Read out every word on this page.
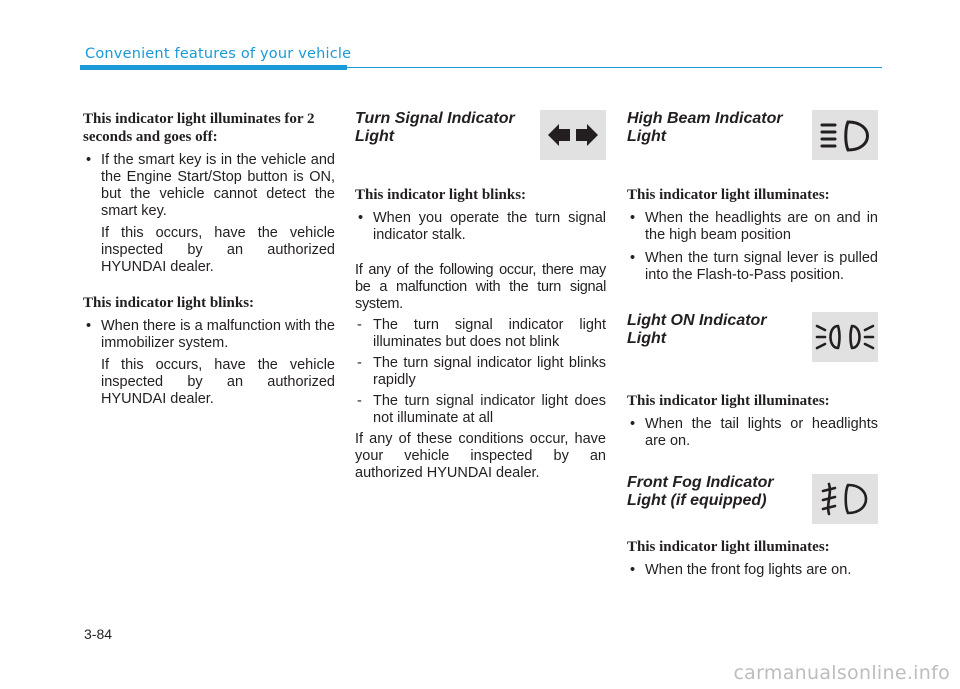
Convenient features of your vehicle

This indicator light illuminates for 2 seconds and goes off:

• If the smart key is in the vehicle and the Engine Start/Stop button is ON, but the vehicle cannot detect the smart key.

If this occurs, have the vehicle inspected by an authorized HYUNDAI dealer.

This indicator light blinks:

• When there is a malfunction with the immobilizer system.

If this occurs, have the vehicle inspected by an authorized HYUNDAI dealer.

Turn Signal Indicator Light

This indicator light blinks:

• When you operate the turn signal indicator stalk.

If any of the following occur, there may be a malfunction with the turn signal system.

- The turn signal indicator light illuminates but does not blink
- The turn signal indicator light blinks rapidly
- The turn signal indicator light does not illuminate at all

If any of these conditions occur, have your vehicle inspected by an authorized HYUNDAI dealer.

High Beam Indicator Light

This indicator light illuminates:

• When the headlights are on and in the high beam position
• When the turn signal lever is pulled into the Flash-to-Pass position.
Light ON Indicator Light

This indicator light illuminates:

• When the tail lights or headlights are on.
Front Fog Indicator Light (if equipped)

This indicator light illuminates:

• When the front fog lights are on.
3-84
carmanualsonline.info
